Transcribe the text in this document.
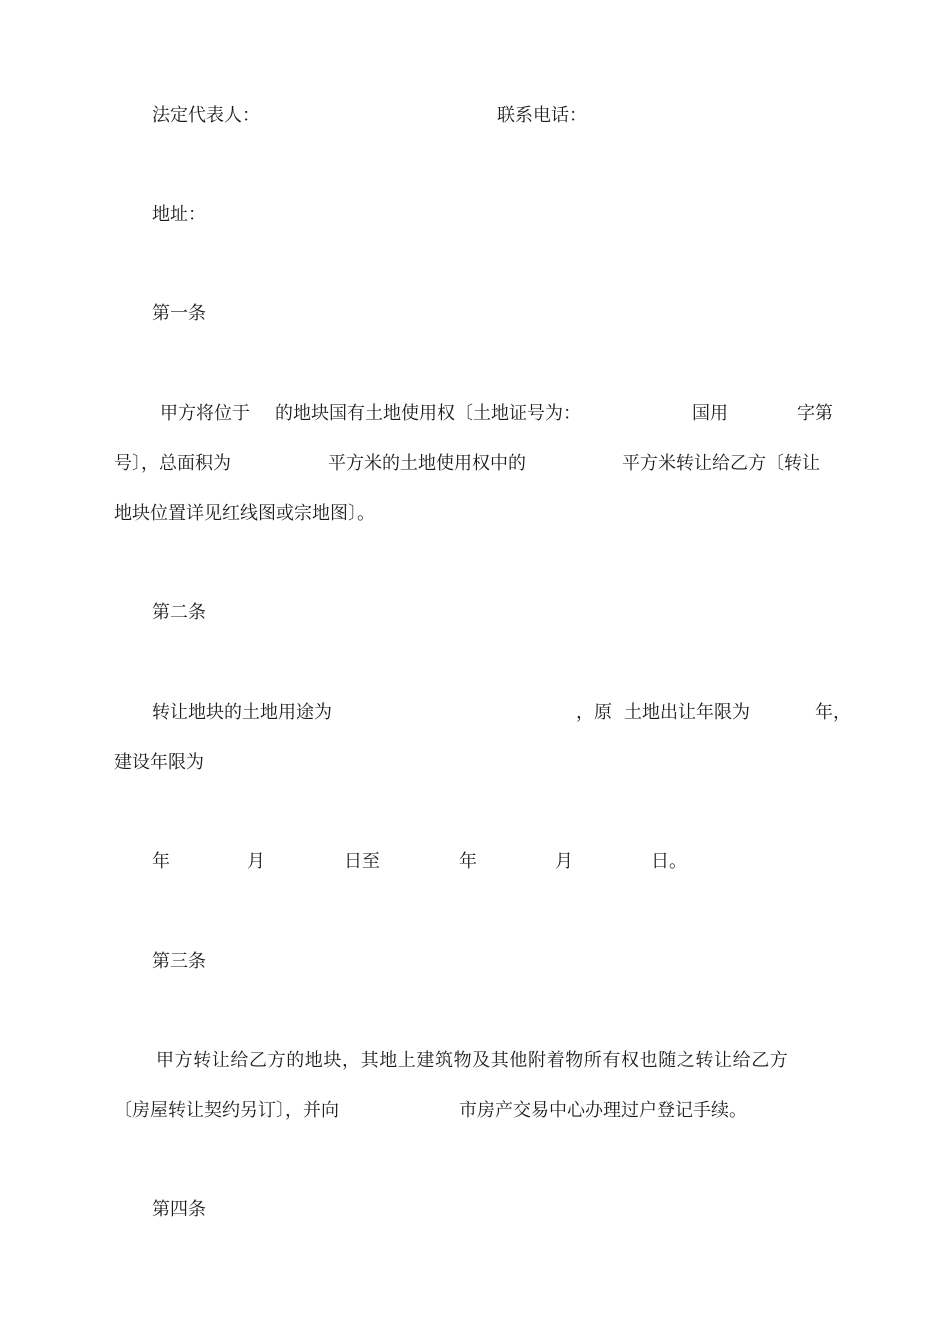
法定代表人：	联系电话：
地址：
第一条
甲方将位于 的地块国有土地使用权〔土地证号为：	国用	字第
号〕，总面积为	平方米的土地使用权中的	平方米转让给乙方〔转让
地块位置详见红线图或宗地图〕。
第二条
转让地块的土地用途为	，原 土地出让年限为	年，
建设年限为
年	月	日至	年	月	日。
第三条
甲方转让给乙方的地块，其地上建筑物及其他附着物所有权也随之转让给乙方
〔房屋转让契约另订〕，并向	市房产交易中心办理过户登记手续。
第四条
